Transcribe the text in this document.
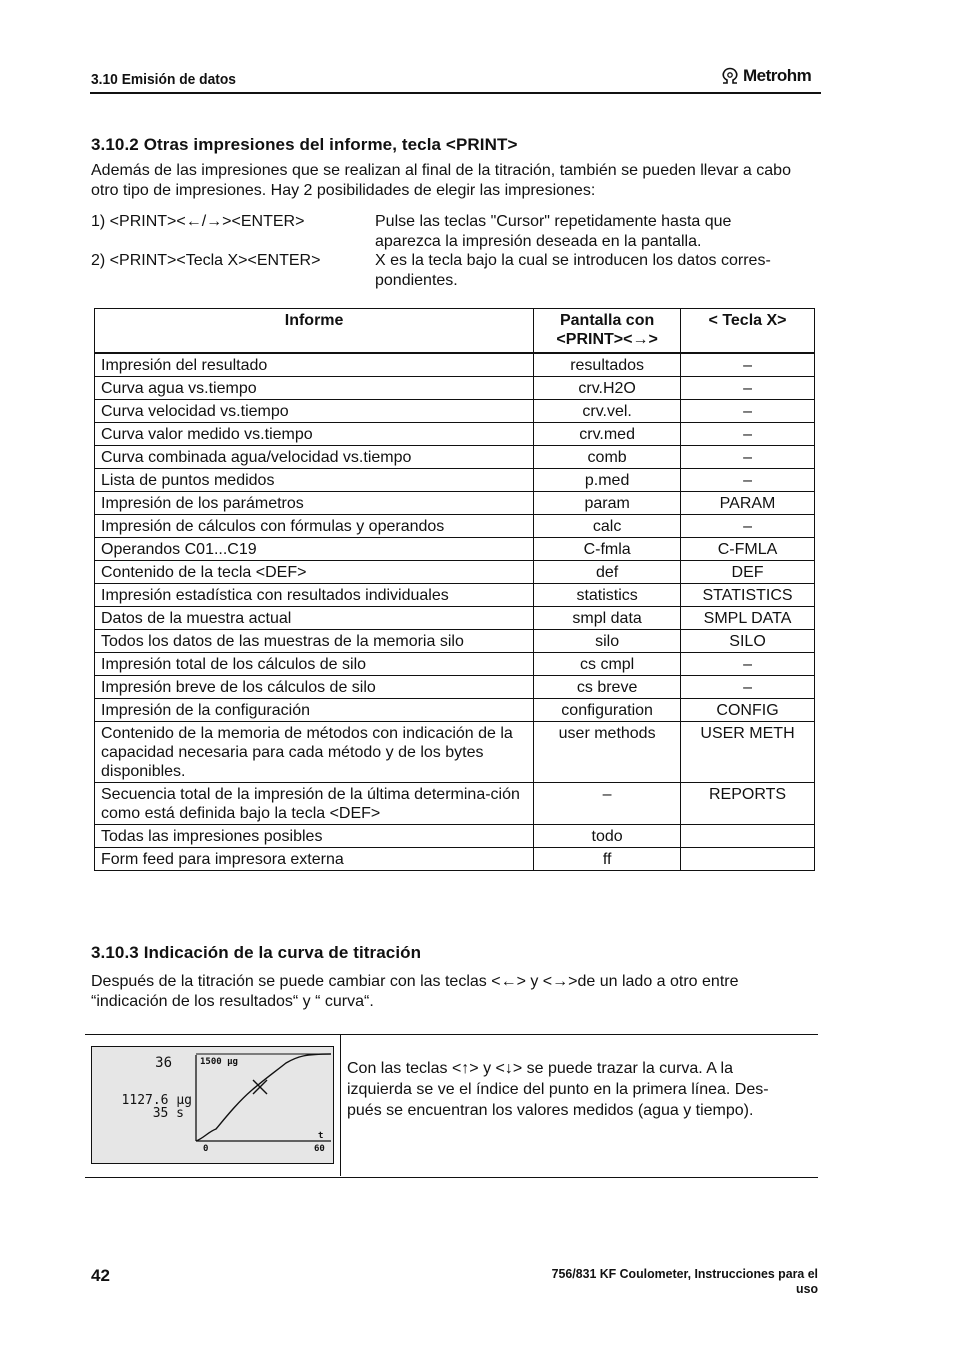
3.10 Emisión de datos	Metrohm
3.10.2 Otras impresiones del informe, tecla <PRINT>
Además de las impresiones que se realizan al final de la titración, también se pueden llevar a cabo otro tipo de impresiones. Hay 2 posibilidades de elegir las impresiones:
1) <PRINT><←/→><ENTER>	Pulse las teclas "Cursor" repetidamente hasta que aparezca la impresión deseada en la pantalla.
2) <PRINT><Tecla X><ENTER>	X es la tecla bajo la cual se introducen los datos corres-pondientes.
Informe	Pantalla con <PRINT><→>	< Tecla X>
Impresión del resultado	resultados	–
Curva agua vs.tiempo	crv.H2O	–
Curva velocidad vs.tiempo	crv.vel.	–
Curva valor medido vs.tiempo	crv.med	–
Curva combinada agua/velocidad vs.tiempo	comb	–
Lista de puntos medidos	p.med	–
Impresión de los parámetros	param	PARAM
Impresión de cálculos con fórmulas y operandos	calc	–
Operandos C01...C19	C-fmla	C-FMLA
Contenido de la tecla <DEF>	def	DEF
Impresión estadística con resultados individuales	statistics	STATISTICS
Datos de la muestra actual	smpl data	SMPL DATA
Todos los datos de las muestras de la memoria silo	silo	SILO
Impresión total de los cálculos de silo	cs cmpl	–
Impresión breve de los cálculos de silo	cs breve	–
Impresión de la configuración	configuration	CONFIG
Contenido de la memoria de métodos con indicación de la capacidad necesaria para cada método y de los bytes disponibles.	user methods	USER METH
Secuencia total de la impresión de la última determina-ción como está definida bajo la tecla <DEF>	–	REPORTS
Todas las impresiones posibles	todo	
Form feed para impresora externa	ff	
3.10.3 Indicación de la curva de titración
Después de la titración se puede cambiar con las teclas <←> y <→>de un lado a otro entre “indicación de los resultados“ y “ curva“.
36
1127.6 µg
35 s
1500 µg
0	60
t
Con las teclas <↑> y <↓> se puede trazar la curva. A la izquierda se ve el índice del punto en la primera línea. Des-pués se encuentran los valores medidos (agua y tiempo).
42	756/831 KF Coulometer, Instrucciones para el uso
